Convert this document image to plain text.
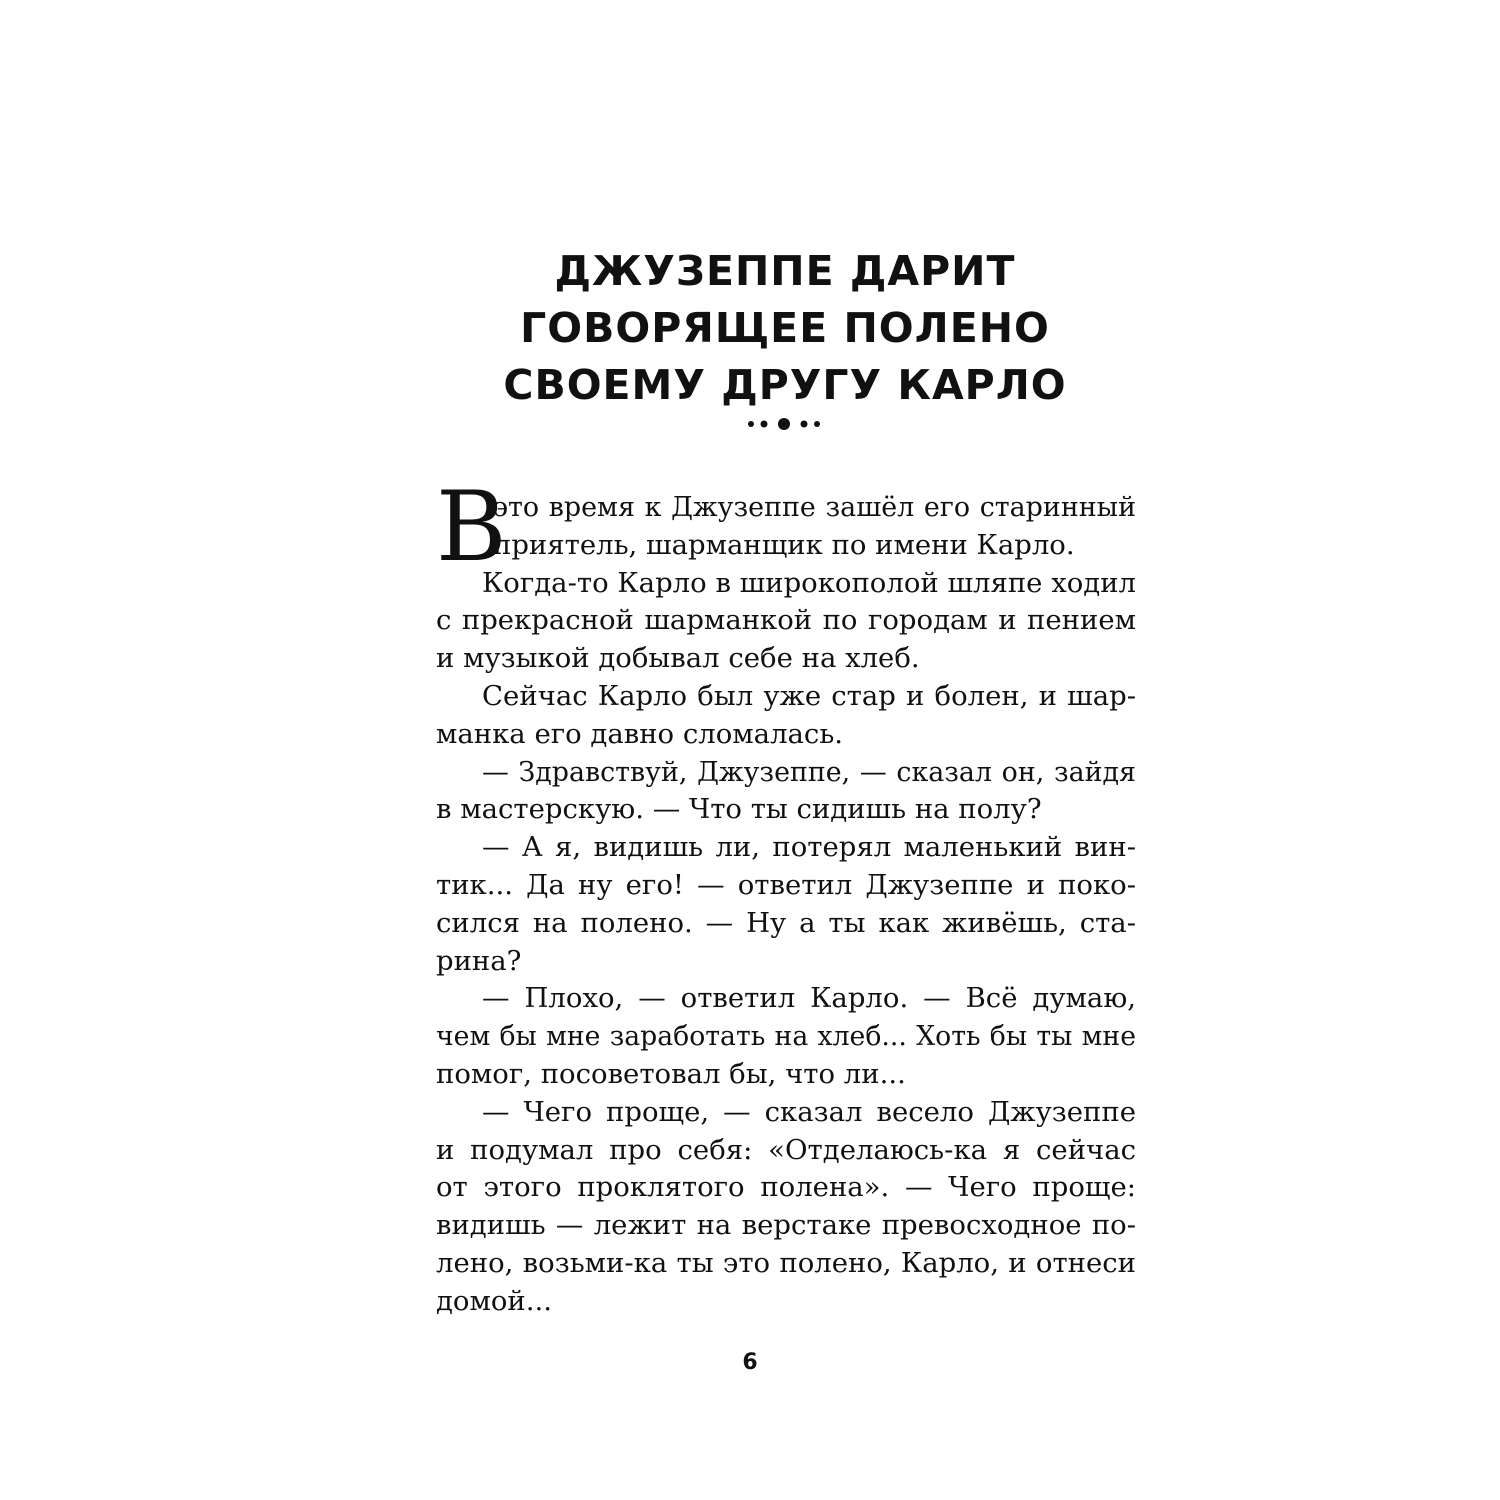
ДЖУЗЕППЕ ДАРИТ
ГОВОРЯЩЕЕ ПОЛЕНО
СВОЕМУ ДРУГУ КАРЛО
В
это время к Джузеппе зашёл его старинный
приятель, шарманщик по имени Карло.
Когда-то Карло в широкополой шляпе ходил
с прекрасной шарманкой по городам и пением
и музыкой добывал себе на хлеб.
Сейчас Карло был уже стар и болен, и шар-
манка его давно сломалась.
— Здравствуй, Джузеппе, — сказал он, зайдя
в мастерскую. — Что ты сидишь на полу?
— А я, видишь ли, потерял маленький вин-
тик... Да ну его! — ответил Джузеппе и поко-
сился на полено. — Ну а ты как живёшь, ста-
рина?
— Плохо, — ответил Карло. — Всё думаю,
чем бы мне заработать на хлеб... Хоть бы ты мне
помог, посоветовал бы, что ли...
— Чего проще, — сказал весело Джузеппе
и подумал про себя: «Отделаюсь-ка я сейчас
от этого проклятого полена». — Чего проще:
видишь — лежит на верстаке превосходное по-
лено, возьми-ка ты это полено, Карло, и отнеси
домой...
6
